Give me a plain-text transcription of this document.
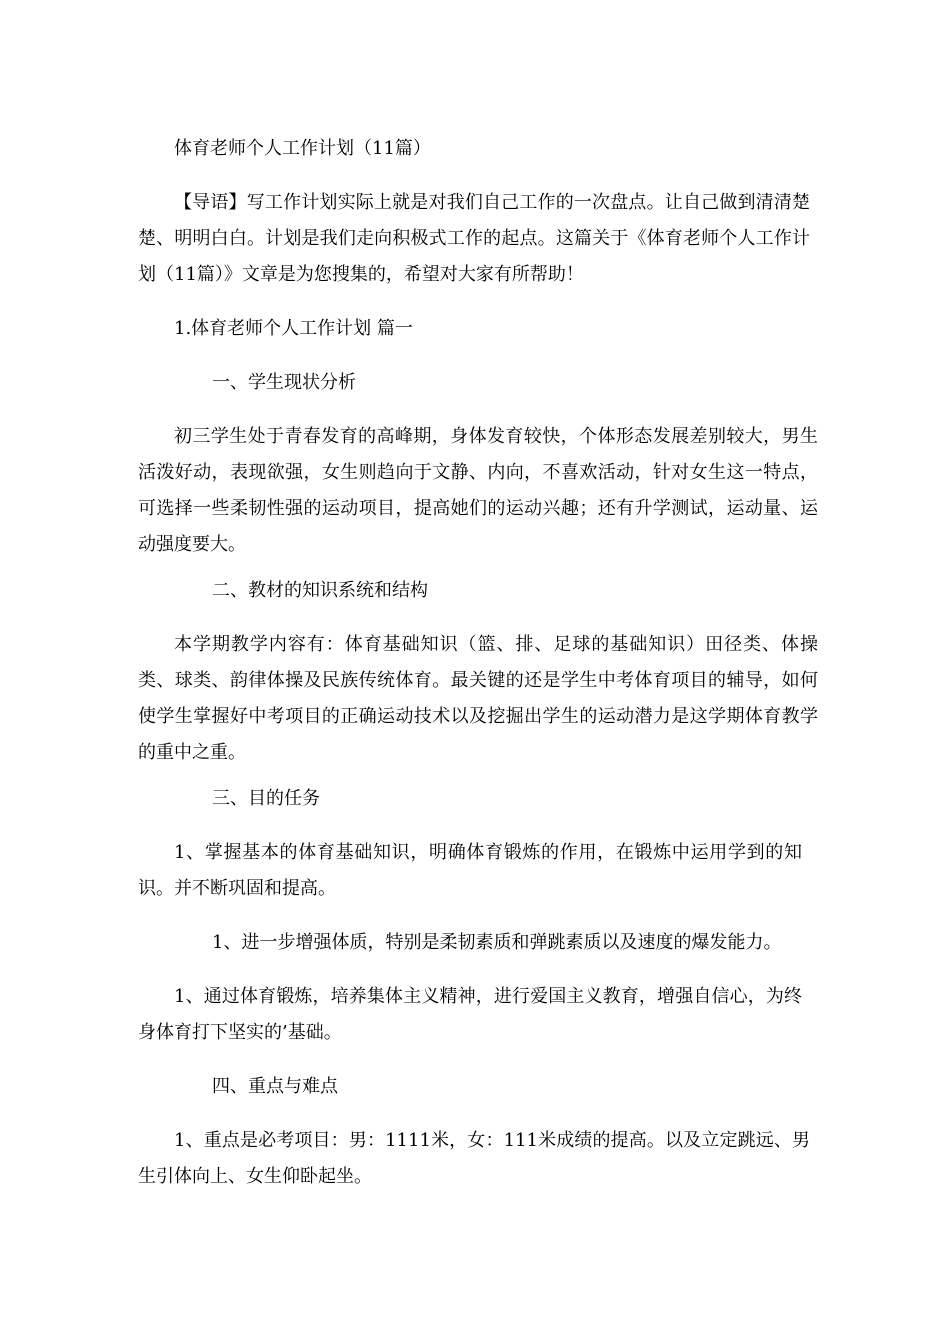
体育老师个人工作计划（11篇）

【导语】写工作计划实际上就是对我们自己工作的一次盘点。让自己做到清清楚楚、明明白白。计划是我们走向积极式工作的起点。这篇关于《体育老师个人工作计划（11篇）》文章是为您搜集的，希望对大家有所帮助！

1.体育老师个人工作计划 篇一

一、学生现状分析

初三学生处于青春发育的高峰期，身体发育较快，个体形态发展差别较大，男生活泼好动，表现欲强，女生则趋向于文静、内向，不喜欢活动，针对女生这一特点，可选择一些柔韧性强的运动项目，提高她们的运动兴趣；还有升学测试，运动量、运动强度要大。

二、教材的知识系统和结构

本学期教学内容有：体育基础知识（篮、排、足球的基础知识）田径类、体操类、球类、韵律体操及民族传统体育。最关键的还是学生中考体育项目的辅导，如何使学生掌握好中考项目的正确运动技术以及挖掘出学生的运动潜力是这学期体育教学的重中之重。

三、目的任务

1、掌握基本的体育基础知识，明确体育锻炼的作用，在锻炼中运用学到的知识。并不断巩固和提高。

1、进一步增强体质，特别是柔韧素质和弹跳素质以及速度的爆发能力。

1、通过体育锻炼，培养集体主义精神，进行爱国主义教育，增强自信心，为终身体育打下坚实的’基础。

四、重点与难点

1、重点是必考项目：男：1111米，女：111米成绩的提高。以及立定跳远、男生引体向上、女生仰卧起坐。
